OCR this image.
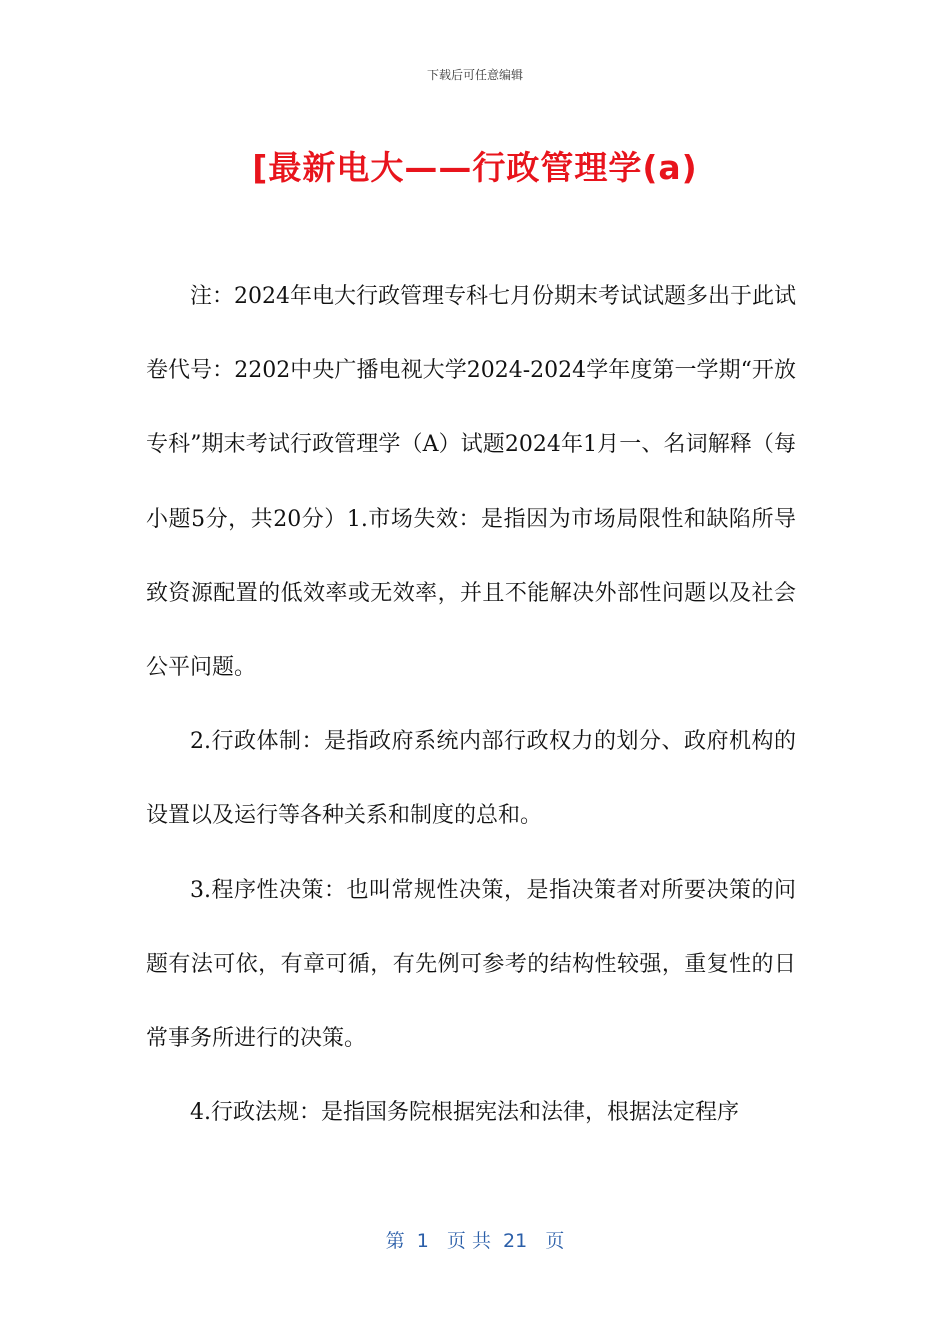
下载后可任意编辑
[最新电大——行政管理学(a)

注：2024年电大行政管理专科七月份期末考试试题多出于此试卷代号：2202中央广播电视大学2024-2024学年度第一学期“开放专科”期末考试行政管理学（A）试题2024年1月一、名词解释（每小题5分，共20分）1.市场失效：是指因为市场局限性和缺陷所导致资源配置的低效率或无效率，并且不能解决外部性问题以及社会公平问题。

2.行政体制：是指政府系统内部行政权力的划分、政府机构的设置以及运行等各种关系和制度的总和。

3.程序性决策：也叫常规性决策，是指决策者对所要决策的问题有法可依，有章可循，有先例可参考的结构性较强，重复性的日常事务所进行的决策。

4.行政法规：是指国务院根据宪法和法律，根据法定程序

第  1   页 共  21   页
